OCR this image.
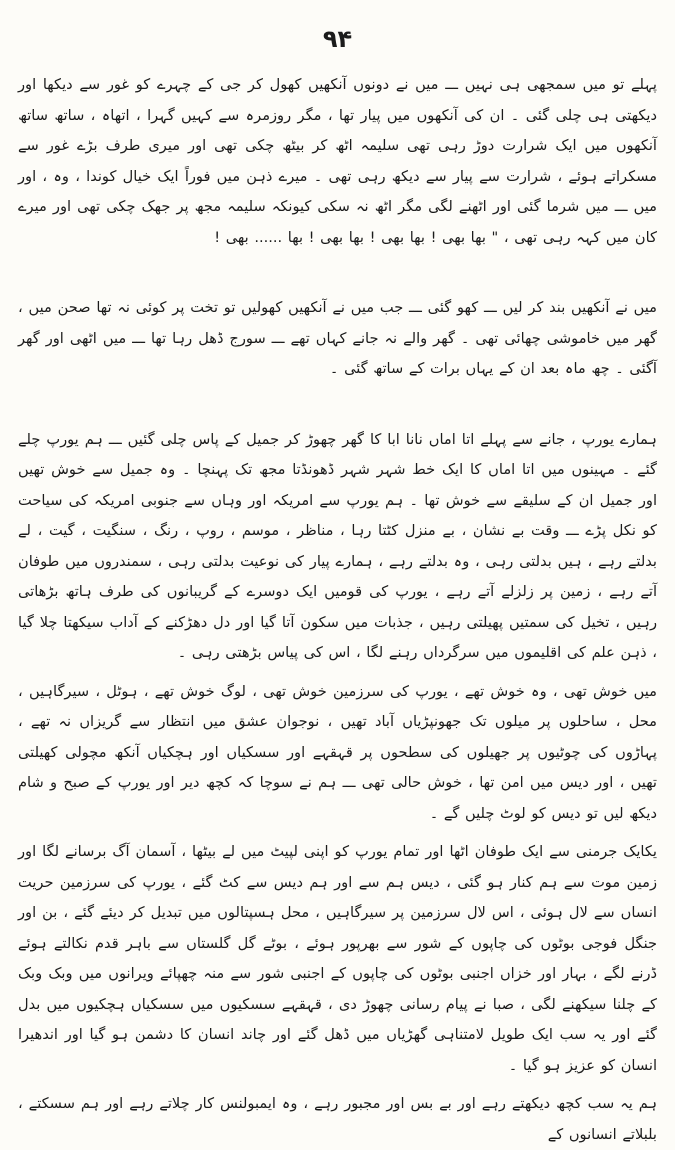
۹۴

پہلے تو میں سمجھی ہی نہیں ـــ میں نے دونوں آنکھیں کھول کر جی کے چہرے کو غور سے دیکھا اور دیکھتی ہی چلی گئی ۔ ان کی آنکھوں میں پیار تھا ، مگر روزمرہ سے کہیں گہرا ، اتھاہ ، ساتھ ساتھ آنکھوں میں ایک شرارت دوڑ رہی تھی سلیمہ اٹھ کر بیٹھ چکی تھی اور میری طرف بڑے غور سے مسکراتے ہوئے ، شرارت سے پیار سے دیکھ رہی تھی ۔ میرے ذہن میں فوراً ایک خیال کوندا ، وہ ، اور میں ـــ میں شرما گئی اور اٹھنے لگی مگر اٹھ نہ سکی کیونکہ سلیمہ مجھ پر جھک چکی تھی اور میرے کان میں کہہ رہی تھی ، " بھا بھی ! بھا بھی ! بھا بھی ! بھا ...... بھی !

میں نے آنکھیں بند کر لیں ـــ کھو گئی ـــ جب میں نے آنکھیں کھولیں تو تخت پر کوئی نہ تھا صحن میں ، گھر میں خاموشی چھائی تھی ۔ گھر والے نہ جانے کہاں تھے ـــ سورج ڈھل رہا تھا ـــ میں اٹھی اور گھر آگئی ۔ چھ ماہ بعد ان کے یہاں برات کے ساتھ گئی ۔

ہمارے یورپ ، جانے سے پہلے اتا اماں نانا ابا کا گھر چھوڑ کر جمیل کے پاس چلی گئیں ـــ ہم یورپ چلے گئے ۔ مہینوں میں اتا اماں کا ایک خط شہر شہر ڈھونڈتا مجھ تک پہنچا ۔ وہ جمیل سے خوش تھیں اور جمیل ان کے سلیقے سے خوش تھا ۔ ہم یورپ سے امریکہ اور وہاں سے جنوبی امریکہ کی سیاحت کو نکل پڑے ـــ وقت بے نشان ، بے منزل کٹتا رہا ، مناظر ، موسم ، روپ ، رنگ ، سنگیت ، گیت ، لے بدلتے رہے ، ہیں بدلتی رہی ، وہ بدلتے رہے ، ہمارے پیار کی نوعیت بدلتی رہی ، سمندروں میں طوفان آتے رہے ، زمین پر زلزلے آتے رہے ، یورپ کی قومیں ایک دوسرے کے گریبانوں کی طرف ہاتھ بڑھاتی رہیں ، تخیل کی سمتیں پھیلتی رہیں ، جذبات میں سکون آتا گیا اور دل دھڑکنے کے آداب سیکھتا چلا گیا ، ذہن علم کی اقلیموں میں سرگرداں رہنے لگا ، اس کی پیاس بڑھتی رہی ۔

میں خوش تھی ، وہ خوش تھے ، یورپ کی سرزمین خوش تھی ، لوگ خوش تھے ، ہوٹل ، سیرگاہیں ، محل ، ساحلوں پر میلوں تک جھونپڑیاں آباد تھیں ، نوجوان عشق میں انتظار سے گریزاں نہ تھے ، پہاڑوں کی چوٹیوں پر جھیلوں کی سطحوں پر قہقہے اور سسکیاں اور ہچکیاں آنکھ مچولی کھیلتی تھیں ، اور دیس میں امن تھا ، خوش حالی تھی ـــ ہم نے سوچا کہ کچھ دیر اور یورپ کے صبح و شام دیکھ لیں تو دیس کو لوٹ چلیں گے ۔

یکایک جرمنی سے ایک طوفان اٹھا اور تمام یورپ کو اپنی لپیٹ میں لے بیٹھا ، آسمان آگ برسانے لگا اور زمین موت سے ہم کنار ہو گئی ، دیس ہم سے اور ہم دیس سے کٹ گئے ، یورپ کی سرزمین حریت انساں سے لال ہوئی ، اس لال سرزمین پر سیرگاہیں ، محل ہسپتالوں میں تبدیل کر دیئے گئے ، بن اور جنگل فوجی بوٹوں کی چاپوں کے شور سے بھرپور ہوئے ، بوٹے گل گلستاں سے باہر قدم نکالتے ہوئے ڈرنے لگے ، بہار اور خزاں اجنبی بوٹوں کی چاپوں کے اجنبی شور سے منہ چھپائے ویرانوں میں وبک وبک کے چلنا سیکھنے لگی ، صبا نے پیام رسانی چھوڑ دی ، قہقہے سسکیوں میں سسکیاں ہچکیوں میں بدل گئے اور یہ سب ایک طویل لامتناہی گھڑیاں میں ڈھل گئے اور چاند انسان کا دشمن ہو گیا اور اندھیرا انسان کو عزیز ہو گیا ۔

ہم یہ سب کچھ دیکھتے رہے اور بے بس اور مجبور رہے ، وہ ایمبولنس کار چلاتے رہے اور ہم سسکتے ، بلبلاتے انسانوں کے
